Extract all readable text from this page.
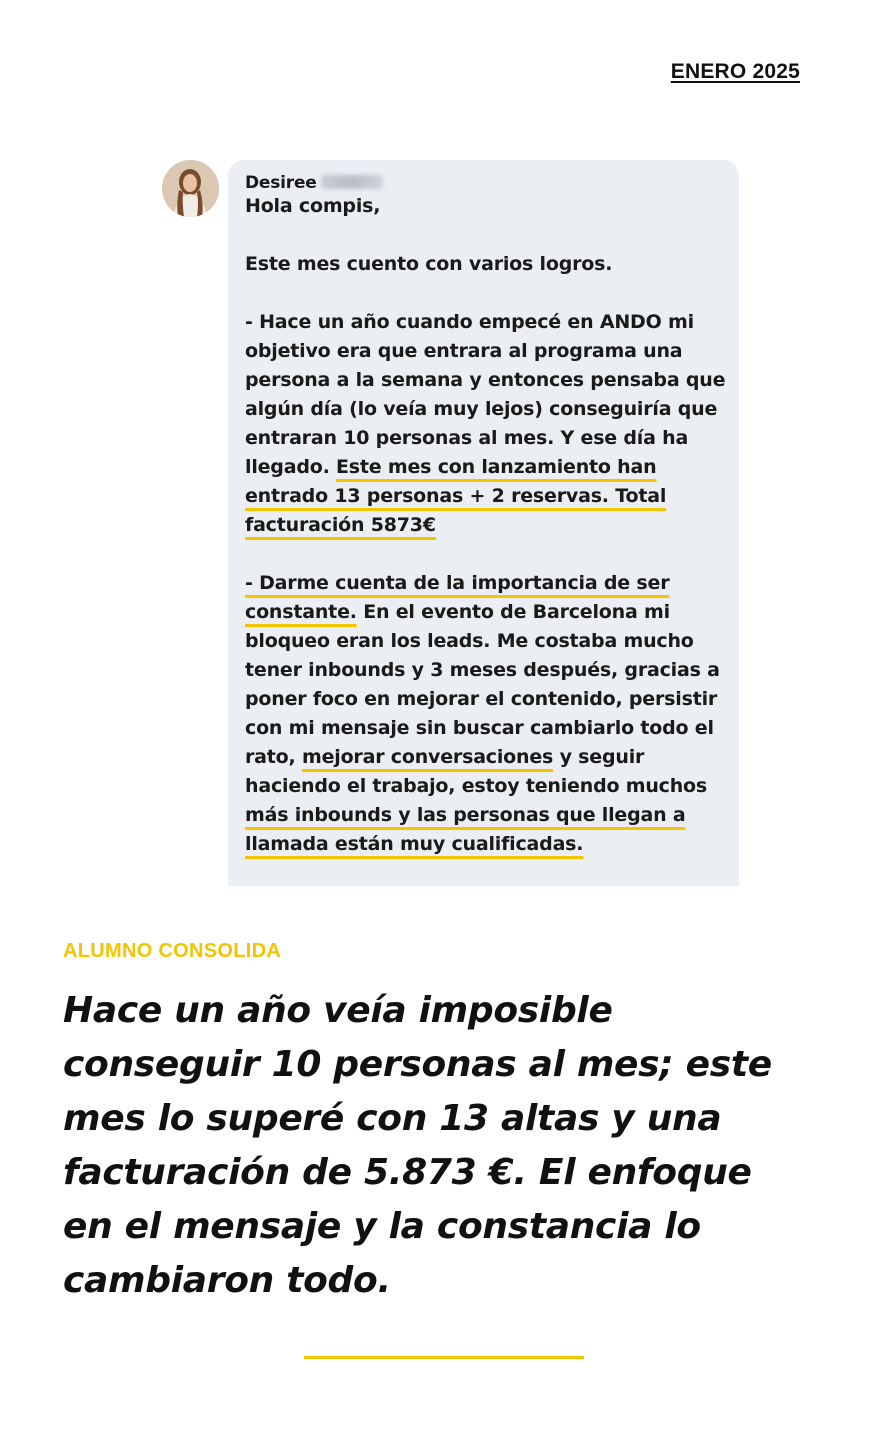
ENERO 2025
Desiree
Hola compis,
Este mes cuento con varios logros.
- Hace un año cuando empecé en ANDO mi objetivo era que entrara al programa una persona a la semana y entonces pensaba que algún día (lo veía muy lejos) conseguiría que entraran 10 personas al mes. Y ese día ha llegado. Este mes con lanzamiento han entrado 13 personas + 2 reservas. Total facturación 5873€
- Darme cuenta de la importancia de ser constante. En el evento de Barcelona mi bloqueo eran los leads. Me costaba mucho tener inbounds y 3 meses después, gracias a poner foco en mejorar el contenido, persistir con mi mensaje sin buscar cambiarlo todo el rato, mejorar conversaciones y seguir haciendo el trabajo, estoy teniendo muchos más inbounds y las personas que llegan a llamada están muy cualificadas.
ALUMNO CONSOLIDA
Hace un año veía imposible conseguir 10 personas al mes; este mes lo superé con 13 altas y una facturación de 5.873 €. El enfoque en el mensaje y la constancia lo cambiaron todo.
